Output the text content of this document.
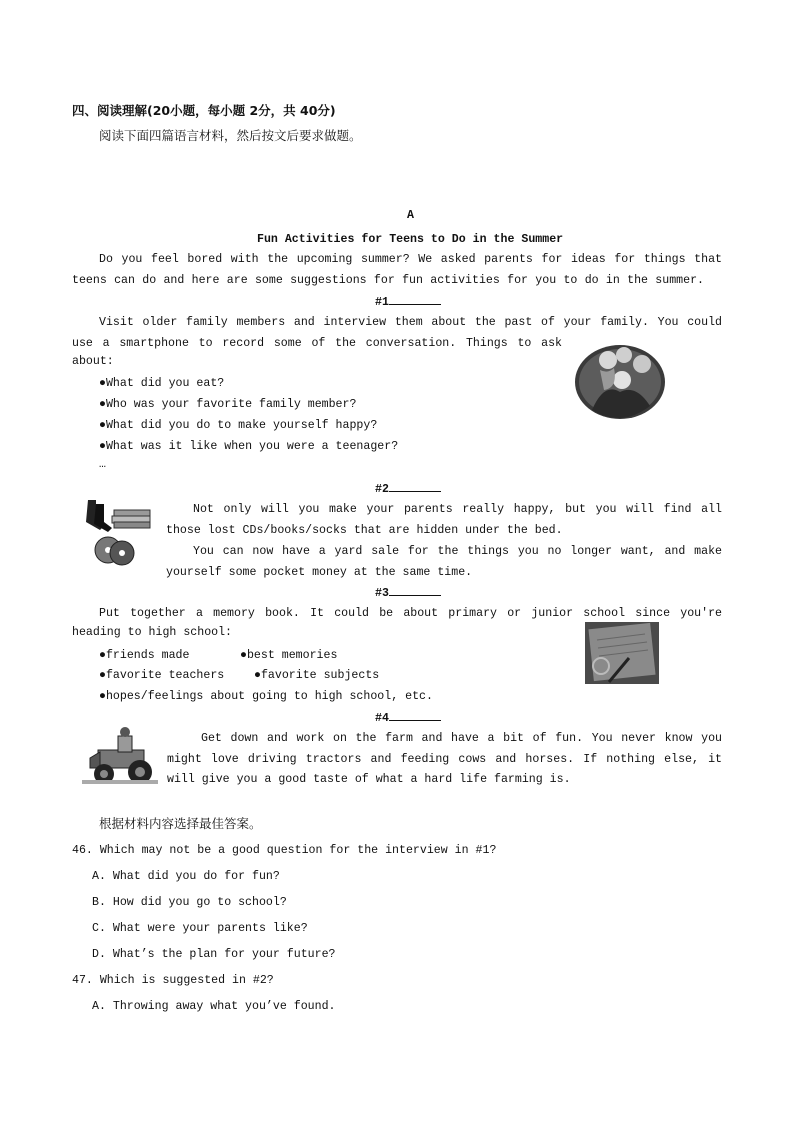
四、阅读理解(20小题，每小题 2分，共 40分)
阅读下面四篇语言材料，然后按文后要求做题。
A
Fun Activities for Teens to Do in the Summer
Do you feel bored with the upcoming summer? We asked parents for ideas for things that
teens can do and here are some suggestions for fun activities for you to do in the summer.
#1
Visit older family members and interview them about the past of your family. You could
use a smartphone to record some of the conversation. Things to ask
about:
●What did you eat?
●Who was your favorite family member?
●What did you do to make yourself happy?
●What was it like when you were a teenager?
…
#2
Not only will you make your parents really happy, but you will find all
those lost CDs/books/socks that are hidden under the bed.
You can now have a yard sale for the things you no longer want, and make
yourself some pocket money at the same time.
#3
Put together a memory book. It could be about primary or junior school since you're
heading to high school:
●friends made	●best memories
●favorite teachers	●favorite subjects
●hopes/feelings about going to high school, etc.
#4
Get down and work on the farm and have a bit of fun. You never know you
might love driving tractors and feeding cows and horses. If nothing else, it
will give you a good taste of what a hard life farming is.
根据材料内容选择最佳答案。
46. Which may not be a good question for the interview in #1?
A. What did you do for fun?
B. How did you go to school?
C. What were your parents like?
D. What’s the plan for your future?
47. Which is suggested in #2?
A. Throwing away what you’ve found.
